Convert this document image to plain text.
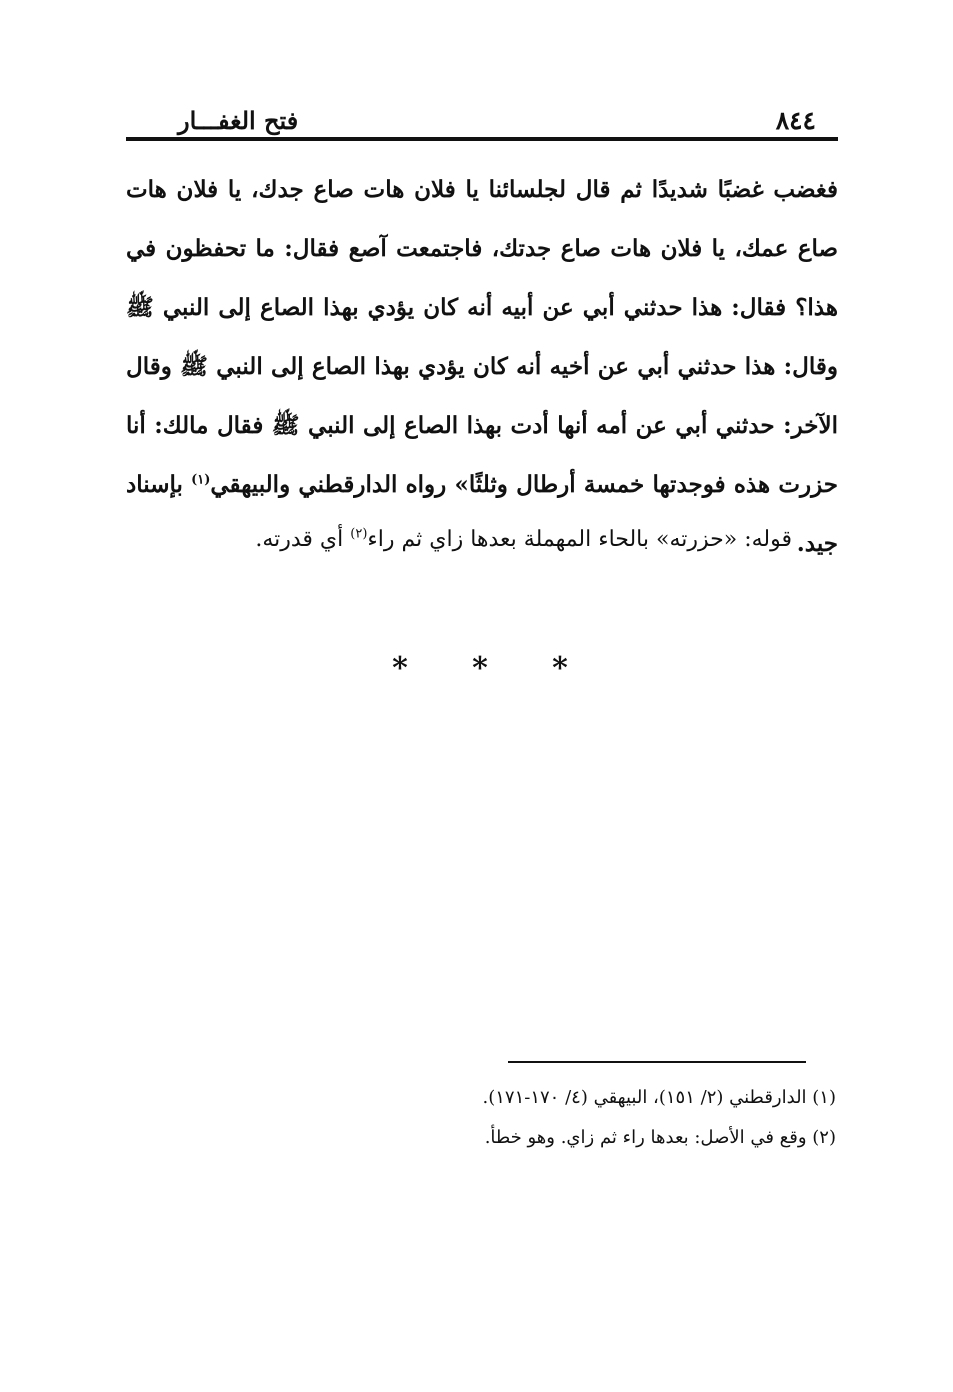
٨٤٤
فتح الغفـــار

فغضب غضبًا شديدًا ثم قال لجلسائنا يا فلان هات صاع جدك، يا فلان هات صاع عمك، يا فلان هات صاع جدتك، فاجتمعت آصع فقال: ما تحفظون في هذا؟ فقال: هذا حدثني أبي عن أبيه أنه كان يؤدي بهذا الصاع إلى النبي ﷺ وقال: هذا حدثني أبي عن أخيه أنه كان يؤدي بهذا الصاع إلى النبي ﷺ وقال الآخر: حدثني أبي عن أمه أنها أدت بهذا الصاع إلى النبي ﷺ فقال مالك: أنا حزرت هذه فوجدتها خمسة أرطال وثلثًا» رواه الدارقطني والبيهقي$^{(١)}$ بإسناد جيد.

قوله: «حزرته» بالحاء المهملة بعدها زاي ثم راء$^{(٢)}$ أي قدرته.
*	*	*
(١) الدارقطني (٢/ ١٥١)، البيهقي (٤/ ١٧٠-١٧١).
(٢) وقع في الأصل: بعدها راء ثم زاي. وهو خطأ.
